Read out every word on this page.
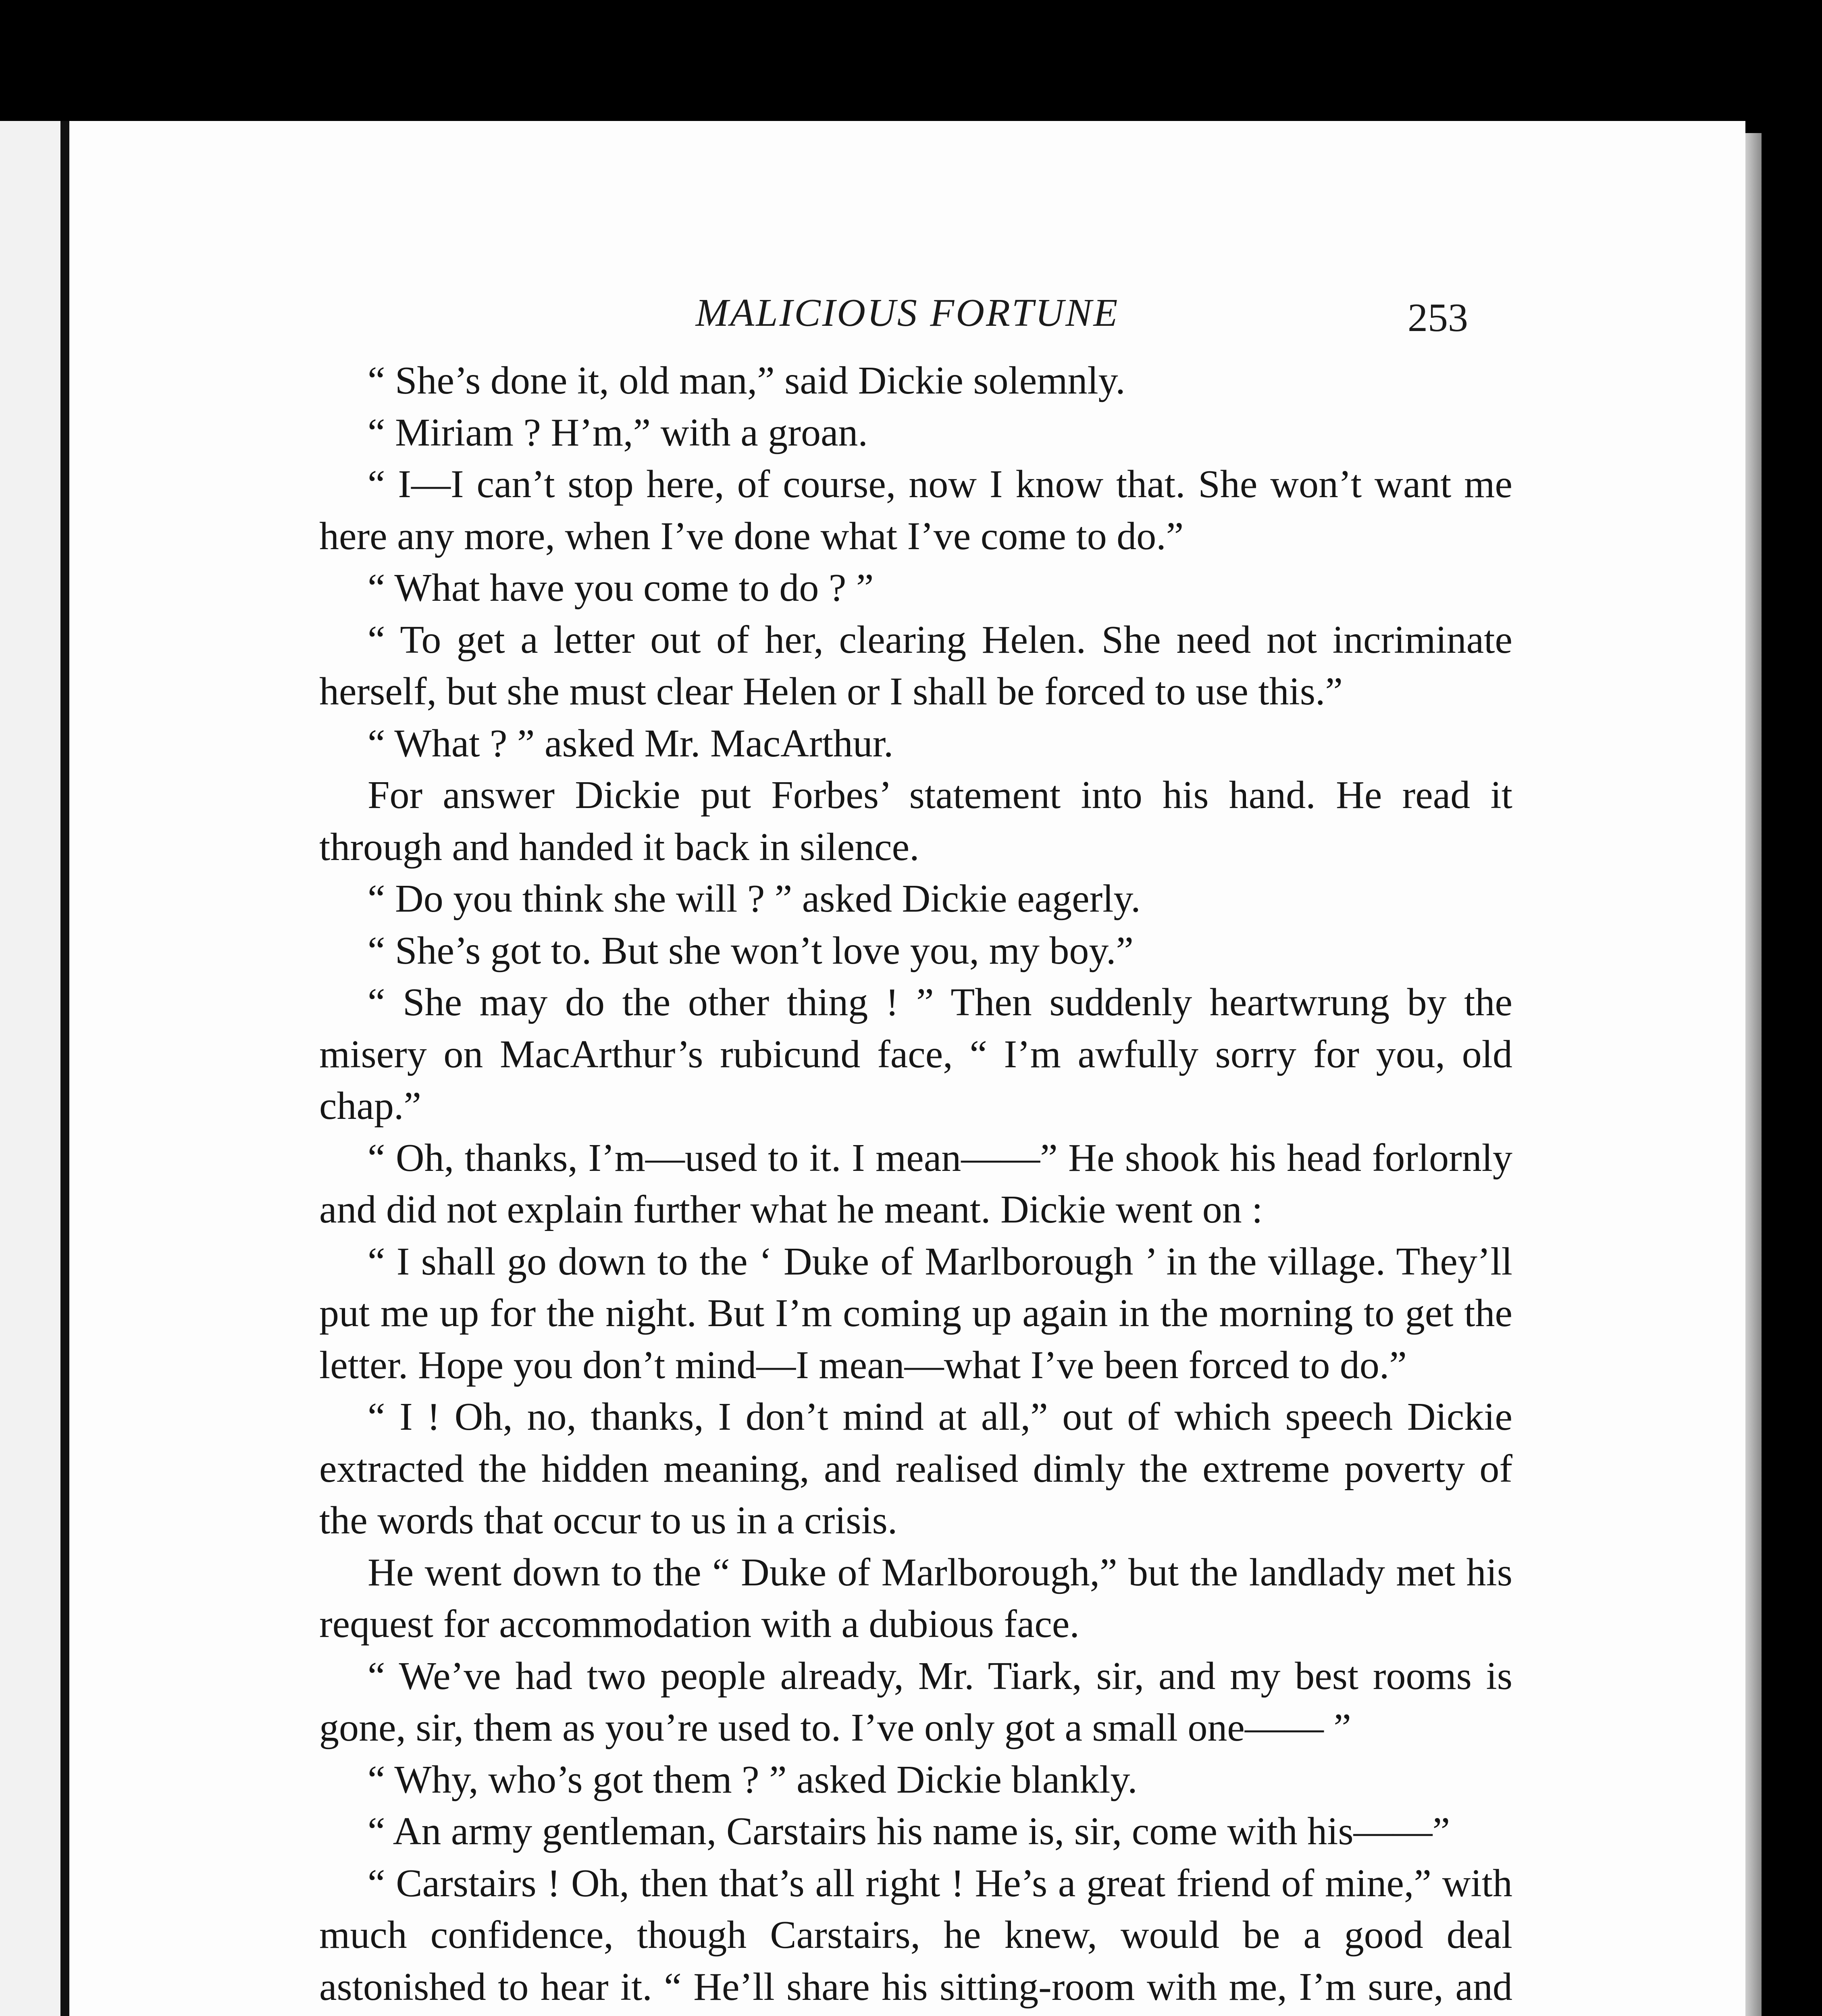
MALICIOUS FORTUNE	253

“ She’s done it, old man,” said Dickie solemnly.

“ Miriam ? H’m,” with a groan.

“ I—I can’t stop here, of course, now I know that. She won’t want me here any more, when I’ve done what I’ve come to do.”

“ What have you come to do ? ”

“ To get a letter out of her, clearing Helen. She need not incriminate herself, but she must clear Helen or I shall be forced to use this.”

“ What ? ” asked Mr. MacArthur.

For answer Dickie put Forbes’ statement into his hand. He read it through and handed it back in silence.

“ Do you think she will ? ” asked Dickie eagerly.

“ She’s got to. But she won’t love you, my boy.”

“ She may do the other thing ! ” Then suddenly heartwrung by the misery on MacArthur’s rubicund face, “ I’m awfully sorry for you, old chap.”

“ Oh, thanks, I’m—used to it. I mean——” He shook his head forlornly and did not explain further what he meant. Dickie went on :

“ I shall go down to the ‘ Duke of Marlborough ’ in the village. They’ll put me up for the night. But I’m coming up again in the morning to get the letter. Hope you don’t mind—I mean—what I’ve been forced to do.”

“ I ! Oh, no, thanks, I don’t mind at all,” out of which speech Dickie extracted the hidden meaning, and realised dimly the extreme poverty of the words that occur to us in a crisis.

He went down to the “ Duke of Marlborough,” but the landlady met his request for accommodation with a dubious face.

“ We’ve had two people already, Mr. Tiark, sir, and my best rooms is gone, sir, them as you’re used to. I’ve only got a small one—— ”

“ Why, who’s got them ? ” asked Dickie blankly.

“ An army gentleman, Carstairs his name is, sir, come with his——”

“ Carstairs ! Oh, then that’s all right ! He’s a great friend of mine,” with much confidence, though Carstairs, he knew, would be a good deal astonished to hear it. “ He’ll share his sitting-room with me, I’m sure, and
